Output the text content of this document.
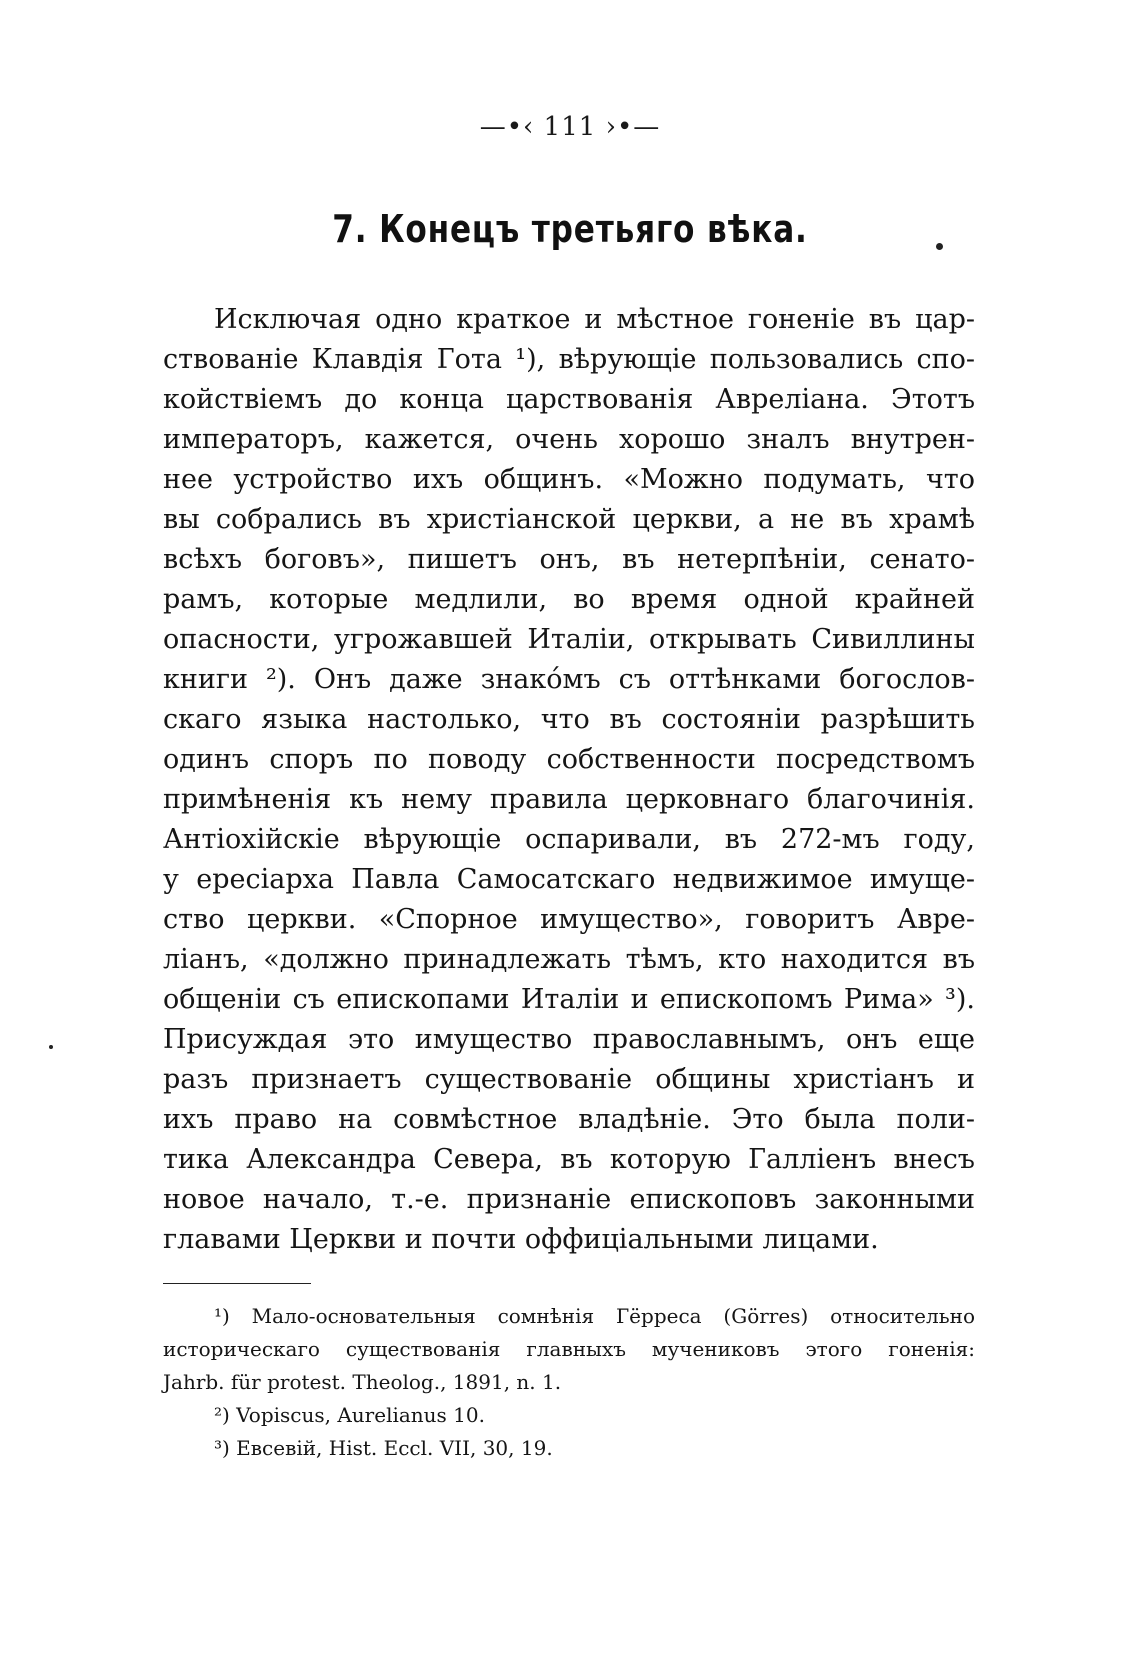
—•‹ 111 ›•—
7. Конецъ третьяго вѣка.
Исключая одно краткое и мѣстное гоненіе въ цар-
ствованіе Клавдія Гота ¹), вѣрующіе пользовались спо-
койствіемъ до конца царствованія Авреліана. Этотъ
императоръ, кажется, очень хорошо зналъ внутрен-
нее устройство ихъ общинъ. «Можно подумать, что
вы собрались въ христіанской церкви, а не въ храмѣ
всѣхъ боговъ», пишетъ онъ, въ нетерпѣніи, сенато-
рамъ, которые медлили, во время одной крайней
опасности, угрожавшей Италіи, открывать Сивиллины
книги ²). Онъ даже знакóмъ съ оттѣнками богослов-
скаго языка настолько, что въ состояніи разрѣшить
одинъ споръ по поводу собственности посредствомъ
примѣненія къ нему правила церковнаго благочинія.
Антіохійскіе вѣрующіе оспаривали, въ 272-мъ году,
у ересіарха Павла Самосатскаго недвижимое имуще-
ство церкви. «Спорное имущество», говоритъ Авре-
ліанъ, «должно принадлежать тѣмъ, кто находится въ
общеніи съ епископами Италіи и епископомъ Рима» ³).
Присуждая это имущество православнымъ, онъ еще
разъ признаетъ существованіе общины христіанъ и
ихъ право на совмѣстное владѣніе. Это была поли-
тика Александра Севера, въ которую Галліенъ внесъ
новое начало, т.-е. признаніе епископовъ законными
главами Церкви и почти оффиціальными лицами.
¹) Мало-основательныя сомнѣнія Гёрреса (Görres) относительно
историческаго существованія главныхъ мучениковъ этого гоненія:
Jahrb. für protest. Theolog., 1891, n. 1.
²) Vopiscus, Aurelianus 10.
³) Евсевій, Hist. Eccl. VII, 30, 19.
